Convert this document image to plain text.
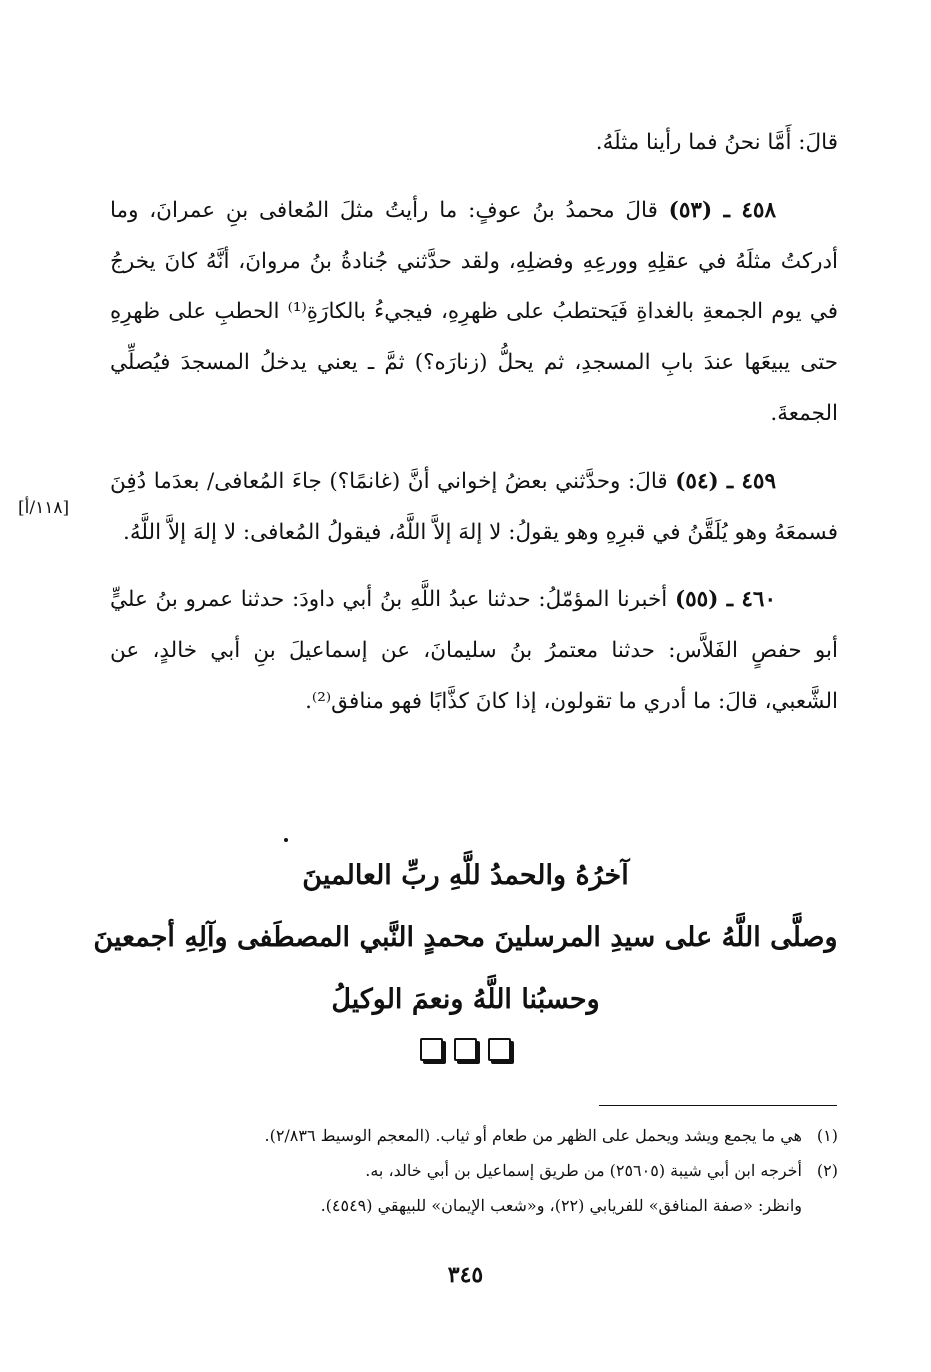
قالَ: أَمَّا نحنُ فما رأينا مثلَهُ.

٤٥٨ ـ (٥٣) قالَ محمدُ بنُ عوفٍ: ما رأيتُ مثلَ المُعافى بنِ عمرانَ، وما أدركتُ مثلَهُ في عقلِهِ وورعِهِ وفضلِهِ، ولقد حدَّثني جُنادةُ بنُ مروانَ، أنَّهُ كانَ يخرجُ في يوم الجمعةِ بالغداةِ فَيَحتطبُ على ظهرِهِ، فيجيءُ بالكارَةِ⁽¹⁾ الحطبِ على ظهرِهِ حتى يبيعَها عندَ بابِ المسجدِ، ثم يحلُّ (زنارَه؟) ثمَّ ـ يعني يدخلُ المسجدَ فيُصلِّي الجمعةَ.

٤٥٩ ـ (٥٤) قالَ: وحدَّثني بعضُ إخواني أنَّ (غانمًا؟) جاءَ المُعافى/ بعدَما دُفِنَ فسمعَهُ وهو يُلَقَّنُ في قبرِهِ وهو يقولُ: لا إلهَ إلاَّ اللَّهُ، فيقولُ المُعافى: لا إلهَ إلاَّ اللَّهُ.

٤٦٠ ـ (٥٥) أخبرنا المؤمّلُ: حدثنا عبدُ اللَّهِ بنُ أبي داودَ: حدثنا عمرو بنُ عليٍّ أبو حفصٍ الفَلاَّس: حدثنا معتمرُ بنُ سليمانَ، عن إسماعيلَ بنِ أبي خالدٍ، عن الشَّعبي، قالَ: ما أدري ما تقولون، إذا كانَ كذَّابًا فهو منافق⁽²⁾.

[١١٨/أ]
آخرُهُ والحمدُ للَّهِ ربِّ العالمينَ
وصلَّى اللَّهُ على سيدِ المرسلينَ محمدٍ النَّبي المصطَفى وآلِهِ أجمعينَ
وحسبُنا اللَّهُ ونعمَ الوكيلُ
(١)
هي ما يجمع ويشد ويحمل على الظهر من طعام أو ثياب. (المعجم الوسيط ٢/٨٣٦).
(٢)
أخرجه ابن أبي شيبة (٢٥٦٠٥) من طريق إسماعيل بن أبي خالد، به.
وانظر: «صفة المنافق» للفريابي (٢٢)، و«شعب الإيمان» للبيهقي (٤٥٤٩).
٣٤٥
